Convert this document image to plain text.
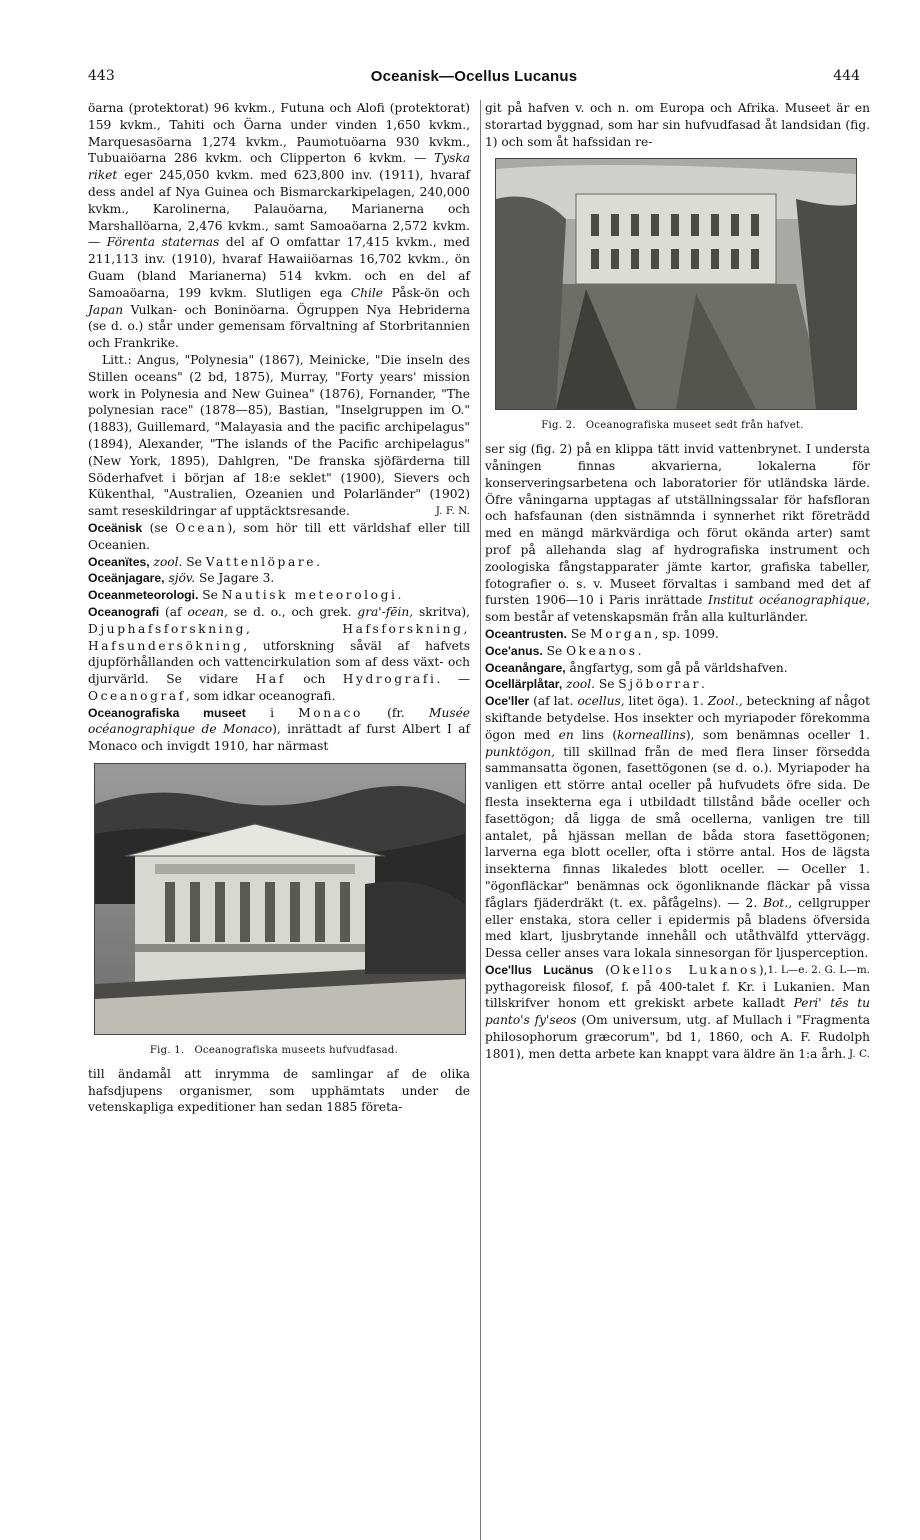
443	Oceanisk—Ocellus Lucanus	444

öarna (protektorat) 96 kvkm., Futuna och Alofi (protektorat) 159 kvkm., Tahiti och Öarna under vinden 1,650 kvkm., Marquesasöarna 1,274 kvkm., Paumotuöarna 930 kvkm., Tubuaiöarna 286 kvkm. och Clipperton 6 kvkm. — Tyska riket eger 245,050 kvkm. med 623,800 inv. (1911), hvaraf dess andel af Nya Guinea och Bismarckarkipelagen, 240,000 kvkm., Karolinerna, Palauöarna, Marianerna och Marshallöarna, 2,476 kvkm., samt Samoaöarna 2,572 kvkm. — Förenta staternas del af O omfattar 17,415 kvkm., med 211,113 inv. (1910), hvaraf Hawaiiöarnas 16,702 kvkm., ön Guam (bland Marianerna) 514 kvkm. och en del af Samoaöarna, 199 kvkm. Slutligen ega Chile Påsk-ön och Japan Vulkan- och Boninöarna. Ögruppen Nya Hebriderna (se d. o.) står under gemensam förvaltning af Storbritannien och Frankrike.

Litt.: Angus, "Polynesia" (1867), Meinicke, "Die inseln des Stillen oceans" (2 bd, 1875), Murray, "Forty years' mission work in Polynesia and New Guinea" (1876), Fornander, "The polynesian race" (1878—85), Bastian, "Inselgruppen im O." (1883), Guillemard, "Malayasia and the pacific archipelagus" (1894), Alexander, "The islands of the Pacific archipelagus" (New York, 1895), Dahlgren, "De franska sjöfärderna till Söderhafvet i början af 18:e seklet" (1900), Sievers och Kükenthal, "Australien, Ozeanien und Polarländer" (1902) samt reseskildringar af upptäcktsresande.	J. F. N.

Oceänisk (se Ocean), som hör till ett världshaf eller till Oceanien.

Oceanïtes, zool. Se Vattenlöpare.

Oceänjagare, sjöv. Se Jagare 3.

Oceanmeteorologi. Se Nautisk meteorologi.

Oceanografi (af ocean, se d. o., och grek. gra'-fēin, skritva), Djuphafsforskning, Hafsforskning, Hafsundersökning, utforskning såväl af hafvets djupförhållanden och vattencirkulation som af dess växt- och djurvärld. Se vidare Haf och Hydrografi. — Oceanograf, som idkar oceanografi.

Oceanografiska museet i Monaco (fr. Musée océanographique de Monaco), inrättadt af furst Albert I af Monaco och invigdt 1910, har närmast

Fig. 1. Oceanografiska museets hufvudfasad.

till ändamål att inrymma de samlingar af de olika hafsdjupens organismer, som upphämtats under de vetenskapliga expeditioner han sedan 1885 företa-

git på hafven v. och n. om Europa och Afrika. Museet är en storartad byggnad, som har sin hufvudfasad åt landsidan (fig. 1) och som åt hafssidan re-

Fig. 2. Oceanografiska museet sedt från hafvet.

ser sig (fig. 2) på en klippa tätt invid vattenbrynet. I understa våningen finnas akvarierna, lokalerna för konserveringsarbetena och laboratorier för utländska lärde. Öfre våningarna upptagas af utställningssalar för hafsfloran och hafsfaunan (den sistnämnda i synnerhet rikt företrädd med en mängd märkvärdiga och förut okända arter) samt prof på allehanda slag af hydrografiska instrument och zoologiska fångstapparater jämte kartor, grafiska tabeller, fotografier o. s. v. Museet förvaltas i samband med det af fursten 1906—10 i Paris inrättade Institut océanographique, som består af vetenskapsmän från alla kulturländer.

Oceantrusten. Se Morgan, sp. 1099.

Oce'anus. Se Okeanos.

Oceanångare, ångfartyg, som gå på världshafven.

Ocellärplåtar, zool. Se Sjöborrar.

Oce'ller (af lat. ocellus, litet öga). 1. Zool., beteckning af något skiftande betydelse. Hos insekter och myriapoder förekomma ögon med en lins (korneallins), som benämnas oceller 1. punktögon, till skillnad från de med flera linser försedda sammansatta ögonen, fasettögonen (se d. o.). Myriapoder ha vanligen ett större antal oceller på hufvudets öfre sida. De flesta insekterna ega i utbildadt tillstånd både oceller och fasettögon; då ligga de små ocellerna, vanligen tre till antalet, på hjässan mellan de båda stora fasettögonen; larverna ega blott oceller, ofta i större antal. Hos de lägsta insekterna finnas likaledes blott oceller. — Oceller 1. "ögonfläckar" benämnas ock ögonliknande fläckar på vissa fåglars fjäderdräkt (t. ex. påfågelns). — 2. Bot., cellgrupper eller enstaka, stora celler i epidermis på bladens öfversida med klart, ljusbrytande innehåll och utåthvälfd yttervägg. Dessa celler anses vara lokala sinnesorgan för ljusperception.
1. L—e. 2. G. L—m.

Oce'llus Lucänus (Okellos Lukanos), pythagoreisk filosof, f. på 400-talet f. Kr. i Lukanien. Man tillskrifver honom ett grekiskt arbete kalladt Peri' tēs tu panto's fy'seos (Om universum, utg. af Mullach i "Fragmenta philosophorum græcorum", bd 1, 1860, och A. F. Rudolph 1801), men detta arbete kan knappt vara äldre än 1:a årh. J. C.
